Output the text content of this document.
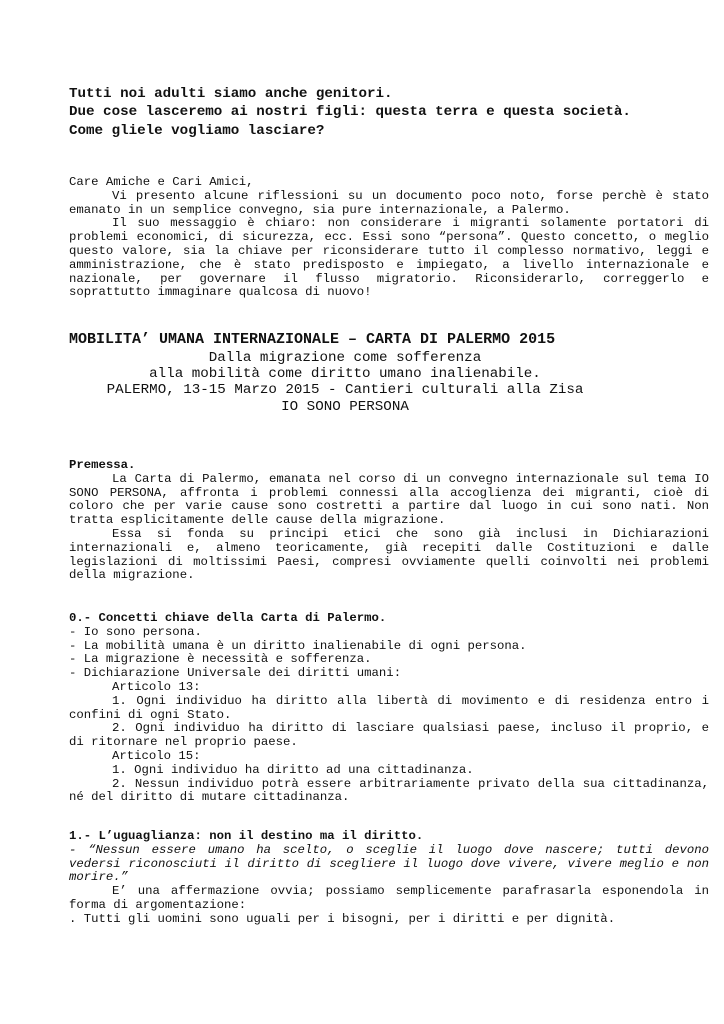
Tutti noi adulti siamo anche genitori.
Due cose lasceremo ai nostri figli: questa terra e questa società.
Come gliele vogliamo lasciare?

Care Amiche e Cari Amici,

Vi presento alcune riflessioni su un documento poco noto, forse perchè è stato emanato in un semplice convegno, sia pure internazionale, a Palermo.

Il suo messaggio è chiaro: non considerare i migranti solamente portatori di problemi economici, di sicurezza, ecc. Essi sono “persona”. Questo concetto, o meglio questo valore, sia la chiave per riconsiderare tutto il complesso normativo, leggi e amministrazione, che è stato predisposto e impiegato, a livello internazionale e nazionale, per governare il flusso migratorio. Riconsiderarlo, correggerlo e soprattutto immaginare qualcosa di nuovo!

MOBILITA’ UMANA INTERNAZIONALE – CARTA DI PALERMO 2015
Dalla migrazione come sofferenza
alla mobilità come diritto umano inalienabile.
PALERMO, 13-15 Marzo 2015 - Cantieri culturali alla Zisa
IO SONO PERSONA

Premessa.

La Carta di Palermo, emanata nel corso di un convegno internazionale sul tema IO SONO PERSONA, affronta i problemi connessi alla accoglienza dei migranti, cioè di coloro che per varie cause sono costretti a partire dal luogo in cui sono nati. Non tratta esplicitamente delle cause della migrazione.

Essa si fonda su principi etici che sono già inclusi in Dichiarazioni internazionali e, almeno teoricamente, già recepiti dalle Costituzioni e dalle legislazioni di moltissimi Paesi, compresi ovviamente quelli coinvolti nei problemi della migrazione.

0.- Concetti chiave della Carta di Palermo.

- Io sono persona.

- La mobilità umana è un diritto inalienabile di ogni persona.

- La migrazione è necessità e sofferenza.

- Dichiarazione Universale dei diritti umani:

Articolo 13:

1. Ogni individuo ha diritto alla libertà di movimento e di residenza entro i confini di ogni Stato.

2. Ogni individuo ha diritto di lasciare qualsiasi paese, incluso il proprio, e di ritornare nel proprio paese.

Articolo 15:

1. Ogni individuo ha diritto ad una cittadinanza.

2. Nessun individuo potrà essere arbitrariamente privato della sua cittadinanza, né del diritto di mutare cittadinanza.

1.- L’uguaglianza: non il destino ma il diritto.

- “Nessun essere umano ha scelto, o sceglie il luogo dove nascere; tutti devono vedersi riconosciuti il diritto di scegliere il luogo dove vivere, vivere meglio e non morire.”

E’ una affermazione ovvia; possiamo semplicemente parafrasarla esponendola in forma di argomentazione:

. Tutti gli uomini sono uguali per i bisogni, per i diritti e per dignità.
